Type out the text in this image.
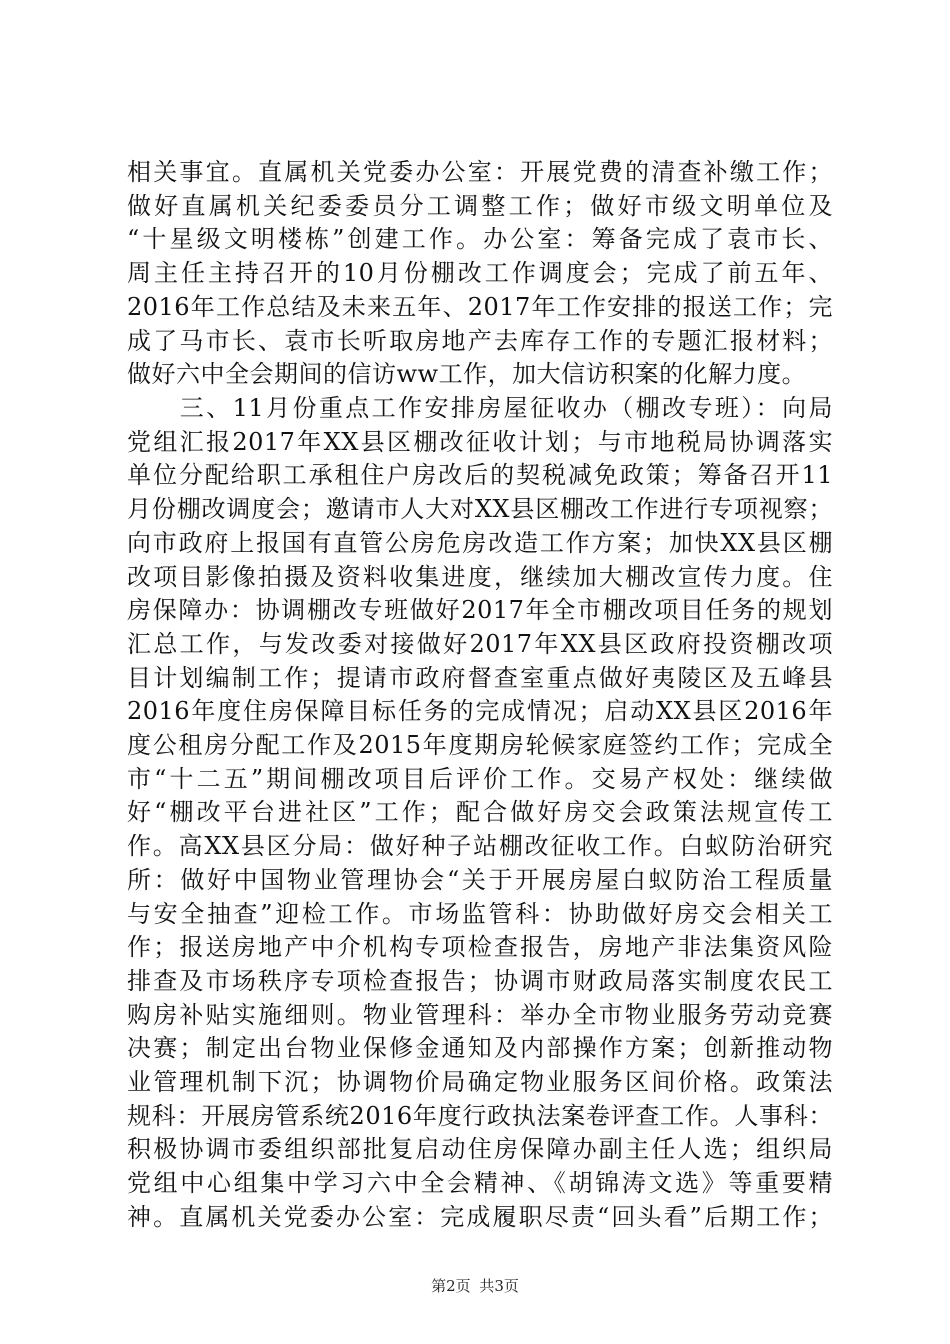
相关事宜。直属机关党委办公室：开展党费的清查补缴工作；
做好直属机关纪委委员分工调整工作；做好市级文明单位及
“十星级文明楼栋”创建工作。办公室：筹备完成了袁市长、
周主任主持召开的10月份棚改工作调度会；完成了前五年、
2016年工作总结及未来五年、2017年工作安排的报送工作；完
成了马市长、袁市长听取房地产去库存工作的专题汇报材料；
做好六中全会期间的信访ww工作，加大信访积案的化解力度。
　　三、11月份重点工作安排房屋征收办（棚改专班）：向局
党组汇报2017年XX县区棚改征收计划；与市地税局协调落实
单位分配给职工承租住户房改后的契税减免政策；筹备召开11
月份棚改调度会；邀请市人大对XX县区棚改工作进行专项视察；
向市政府上报国有直管公房危房改造工作方案；加快XX县区棚
改项目影像拍摄及资料收集进度，继续加大棚改宣传力度。住
房保障办：协调棚改专班做好2017年全市棚改项目任务的规划
汇总工作，与发改委对接做好2017年XX县区政府投资棚改项
目计划编制工作；提请市政府督查室重点做好夷陵区及五峰县
2016年度住房保障目标任务的完成情况；启动XX县区2016年
度公租房分配工作及2015年度期房轮候家庭签约工作；完成全
市“十二五”期间棚改项目后评价工作。交易产权处：继续做
好“棚改平台进社区”工作；配合做好房交会政策法规宣传工
作。高XX县区分局：做好种子站棚改征收工作。白蚁防治研究
所：做好中国物业管理协会“关于开展房屋白蚁防治工程质量
与安全抽查”迎检工作。市场监管科：协助做好房交会相关工
作；报送房地产中介机构专项检查报告，房地产非法集资风险
排查及市场秩序专项检查报告；协调市财政局落实制度农民工
购房补贴实施细则。物业管理科：举办全市物业服务劳动竞赛
决赛；制定出台物业保修金通知及内部操作方案；创新推动物
业管理机制下沉；协调物价局确定物业服务区间价格。政策法
规科：开展房管系统2016年度行政执法案卷评查工作。人事科：
积极协调市委组织部批复启动住房保障办副主任人选；组织局
党组中心组集中学习六中全会精神、《胡锦涛文选》等重要精
神。直属机关党委办公室：完成履职尽责“回头看”后期工作；
第2页 共3页
